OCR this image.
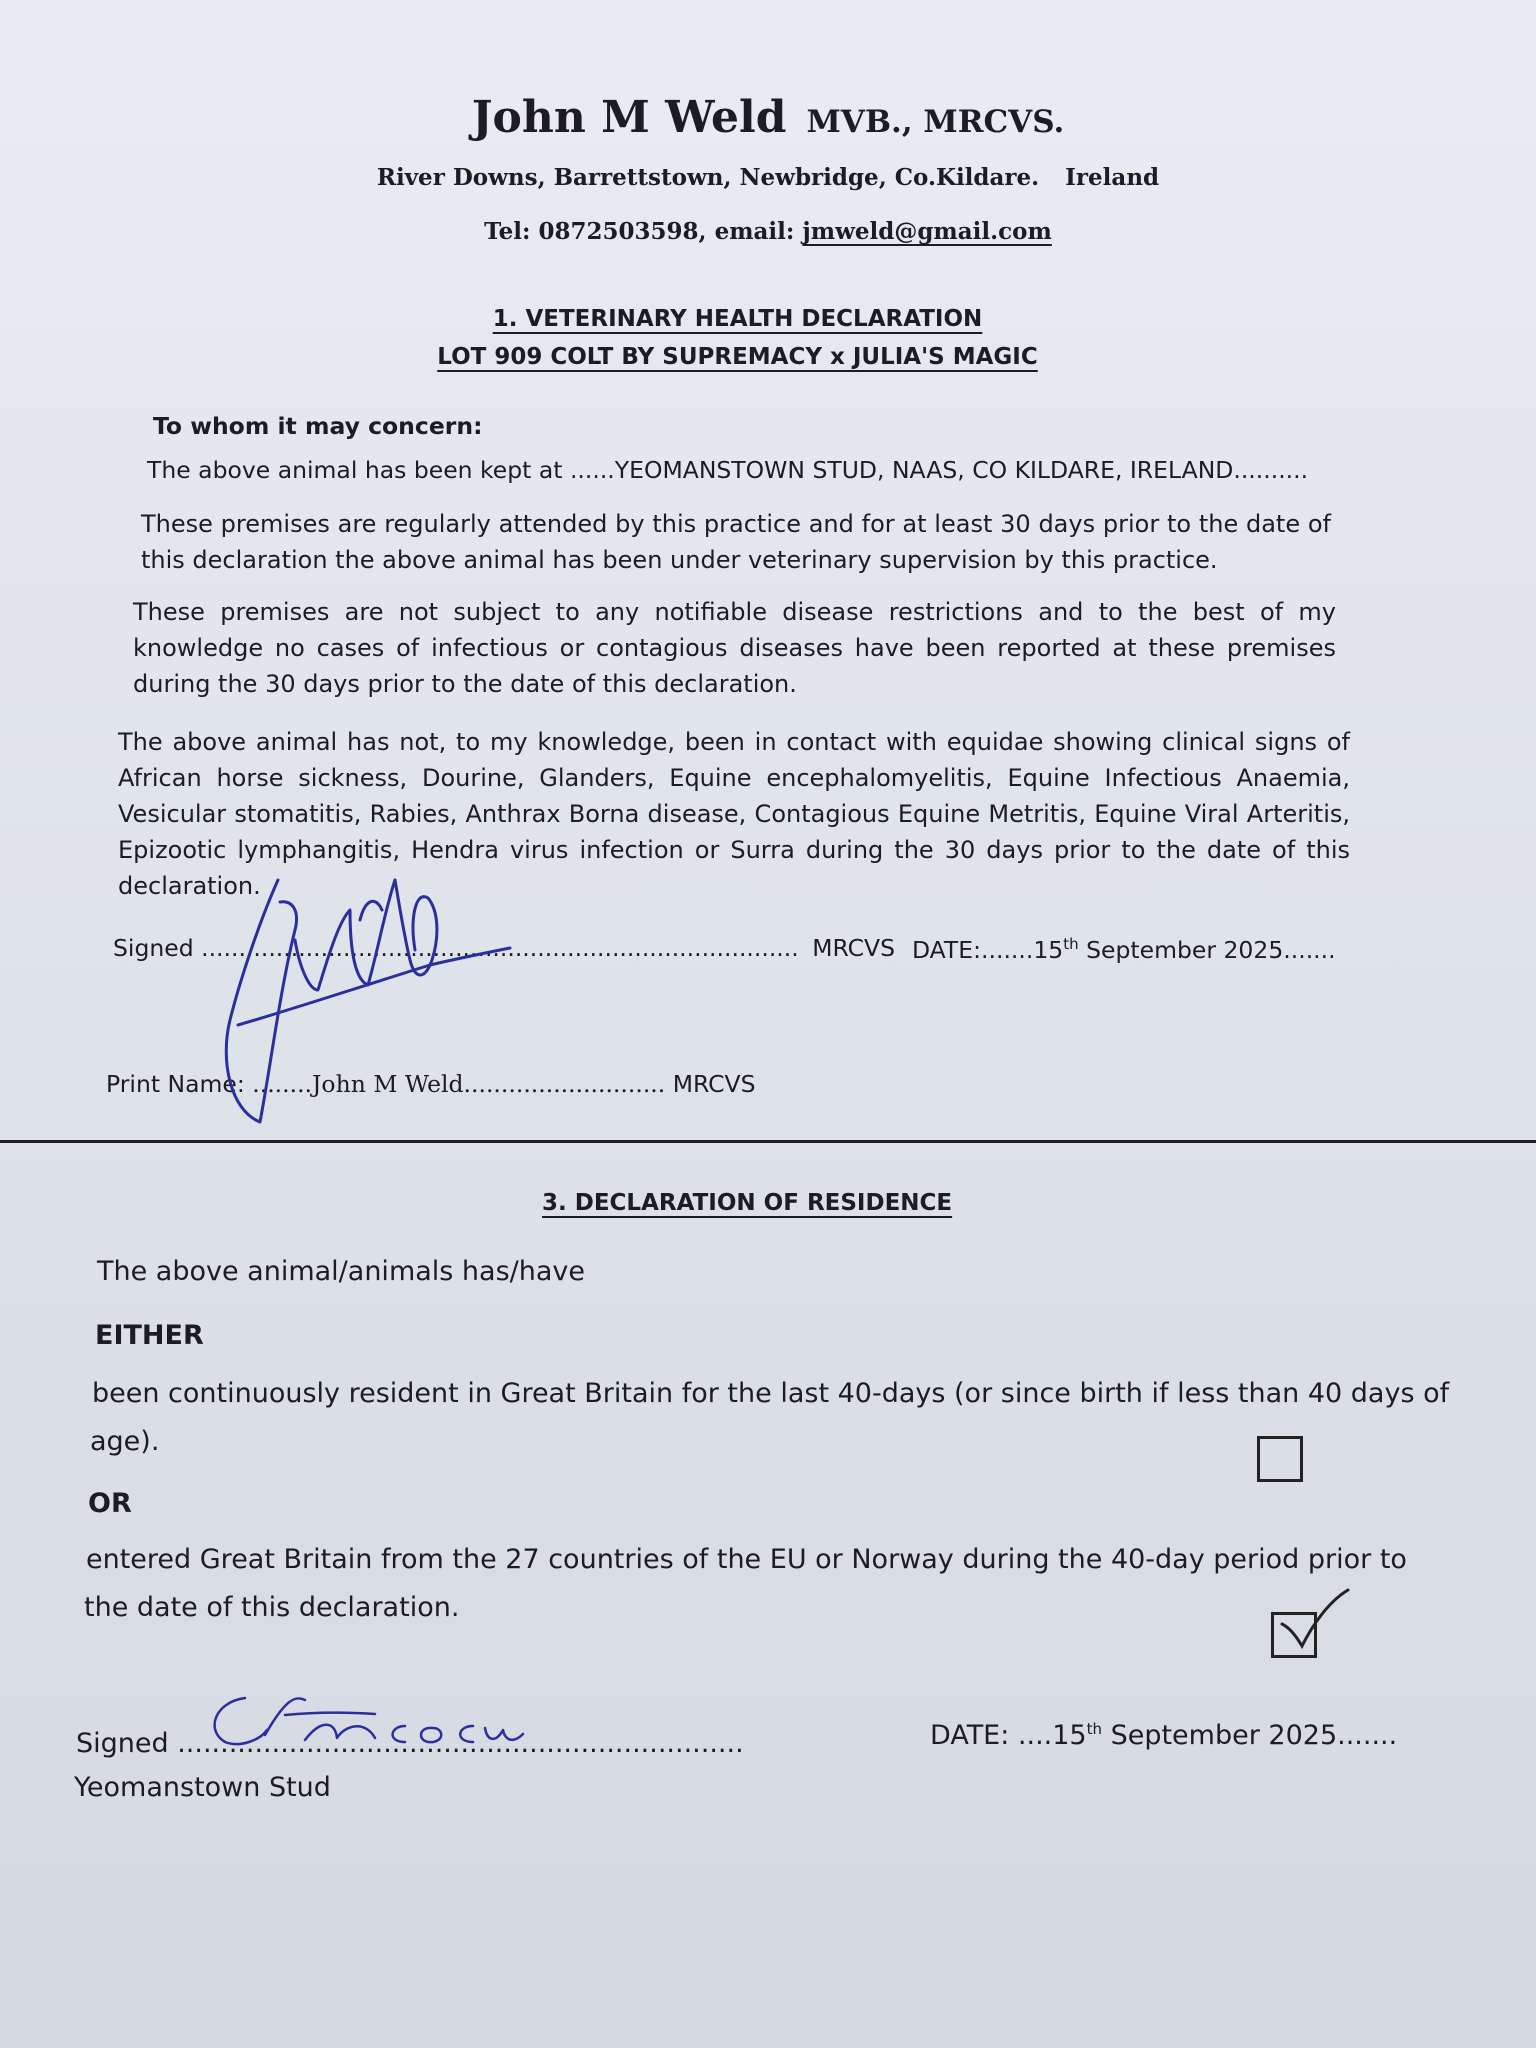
John M Weld MVB., MRCVS.
River Downs, Barrettstown, Newbridge, Co.Kildare. Ireland
Tel: 0872503598, email: jmweld@gmail.com
1. VETERINARY HEALTH DECLARATION
LOT 909 COLT BY SUPREMACY x JULIA'S MAGIC
To whom it may concern:
The above animal has been kept at ......YEOMANSTOWN STUD, NAAS, CO KILDARE, IRELAND..........
These premises are regularly attended by this practice and for at least 30 days prior to the date of this declaration the above animal has been under veterinary supervision by this practice.
These premises are not subject to any notifiable disease restrictions and to the best of my knowledge no cases of infectious or contagious diseases have been reported at these premises during the 30 days prior to the date of this declaration.
The above animal has not, to my knowledge, been in contact with equidae showing clinical signs of African horse sickness, Dourine, Glanders, Equine encephalomyelitis, Equine Infectious Anaemia, Vesicular stomatitis, Rabies, Anthrax Borna disease, Contagious Equine Metritis, Equine Viral Arteritis, Epizootic lymphangitis, Hendra virus infection or Surra during the 30 days prior to the date of this declaration.
Signed ................................................................................ MRCVS DATE:.......15th September 2025.......
Print Name: ........John M Weld........................... MRCVS
3. DECLARATION OF RESIDENCE
The above animal/animals has/have
EITHER
been continuously resident in Great Britain for the last 40-days (or since birth if less than 40 days of
age).
OR
entered Great Britain from the 27 countries of the EU or Norway during the 40-day period prior to
the date of this declaration.
Signed ..................................................................
Yeomanstown Stud
DATE: ....15th September 2025.......
